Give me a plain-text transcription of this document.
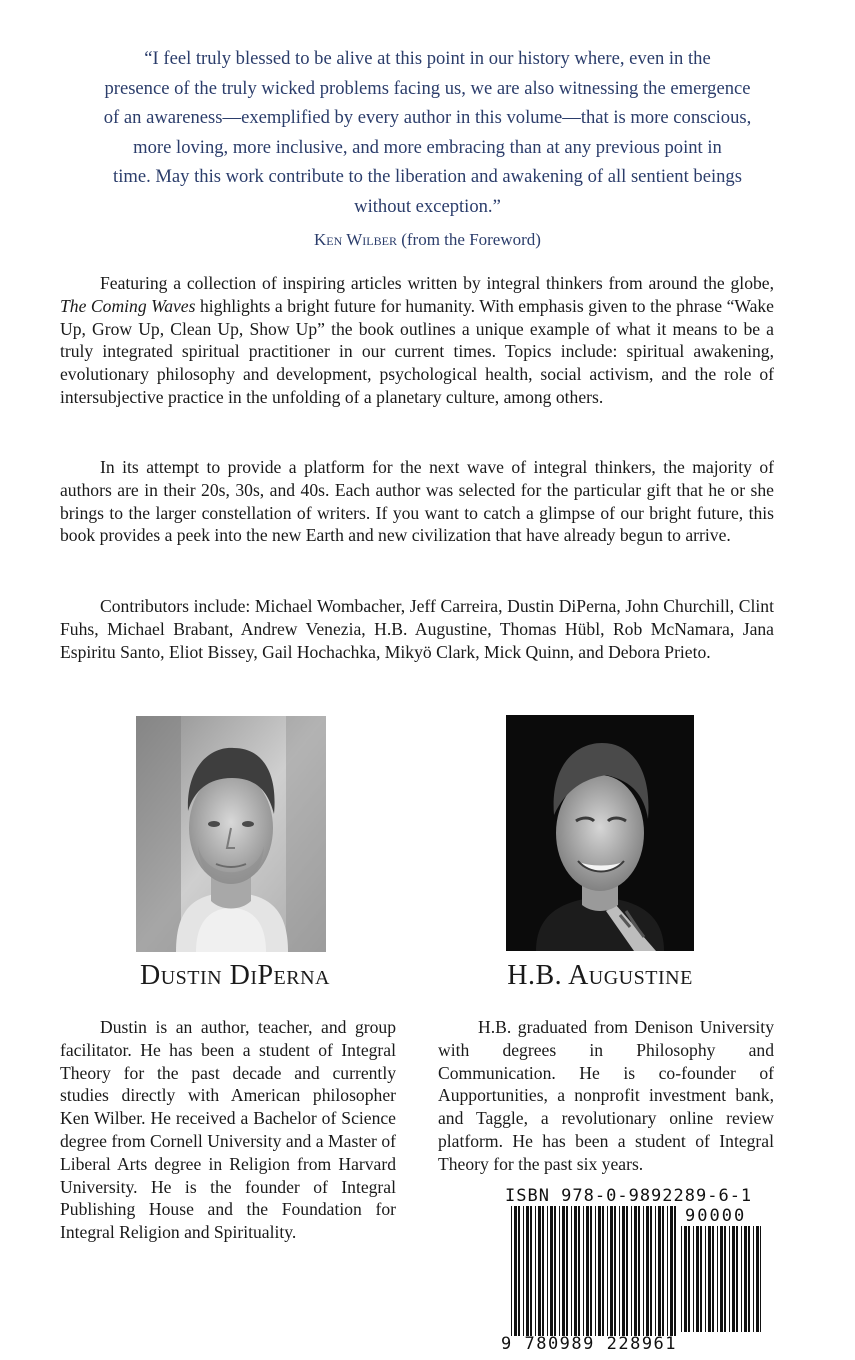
“I feel truly blessed to be alive at this point in our history where, even in the

presence of the truly wicked problems facing us, we are also witnessing the emergence

of an awareness—exemplified by every author in this volume—that is more conscious,

more loving, more inclusive, and more embracing than at any previous point in

time. May this work contribute to the liberation and awakening of all sentient beings

without exception.”

Ken Wilber (from the Foreword)

Featuring a collection of inspiring articles written by integral thinkers from around the globe, The Coming Waves highlights a bright future for humanity. With emphasis given to the phrase “Wake Up, Grow Up, Clean Up, Show Up” the book outlines a unique example of what it means to be a truly integrated spiritual practitioner in our current times. Topics include: spiritual awakening, evolutionary philosophy and development, psychological health, social activism, and the role of intersubjective practice in the unfolding of a planetary culture, among others.

In its attempt to provide a platform for the next wave of integral thinkers, the majority of authors are in their 20s, 30s, and 40s. Each author was selected for the particular gift that he or she brings to the larger constellation of writers. If you want to catch a glimpse of our bright future, this book provides a peek into the new Earth and new civilization that have already begun to arrive.

Contributors include: Michael Wombacher, Jeff Carreira, Dustin DiPerna, John Churchill, Clint Fuhs, Michael Brabant, Andrew Venezia, H.B. Augustine, Thomas Hübl, Rob McNamara, Jana Espiritu Santo, Eliot Bissey, Gail Hochachka, Mikyö Clark, Mick Quinn, and Debora Prieto.

Dustin DiPerna	H.B. Augustine

Dustin is an author, teacher, and group facilitator. He has been a student of Integral Theory for the past decade and currently studies directly with American philosopher Ken Wilber. He received a Bachelor of Science degree from Cornell University and a Master of Liberal Arts degree in Religion from Harvard University. He is the founder of Integral Publishing House and the Foundation for Integral Religion and Spirituality.

H.B. graduated from Denison University with degrees in Philosophy and Communication. He is co-founder of Aupportunities, a nonprofit investment bank, and Taggle, a revolutionary online review platform. He has been a student of Integral Theory for the past six years.

ISBN 978-0-9892289-6-1
90000
9 780989 228961
